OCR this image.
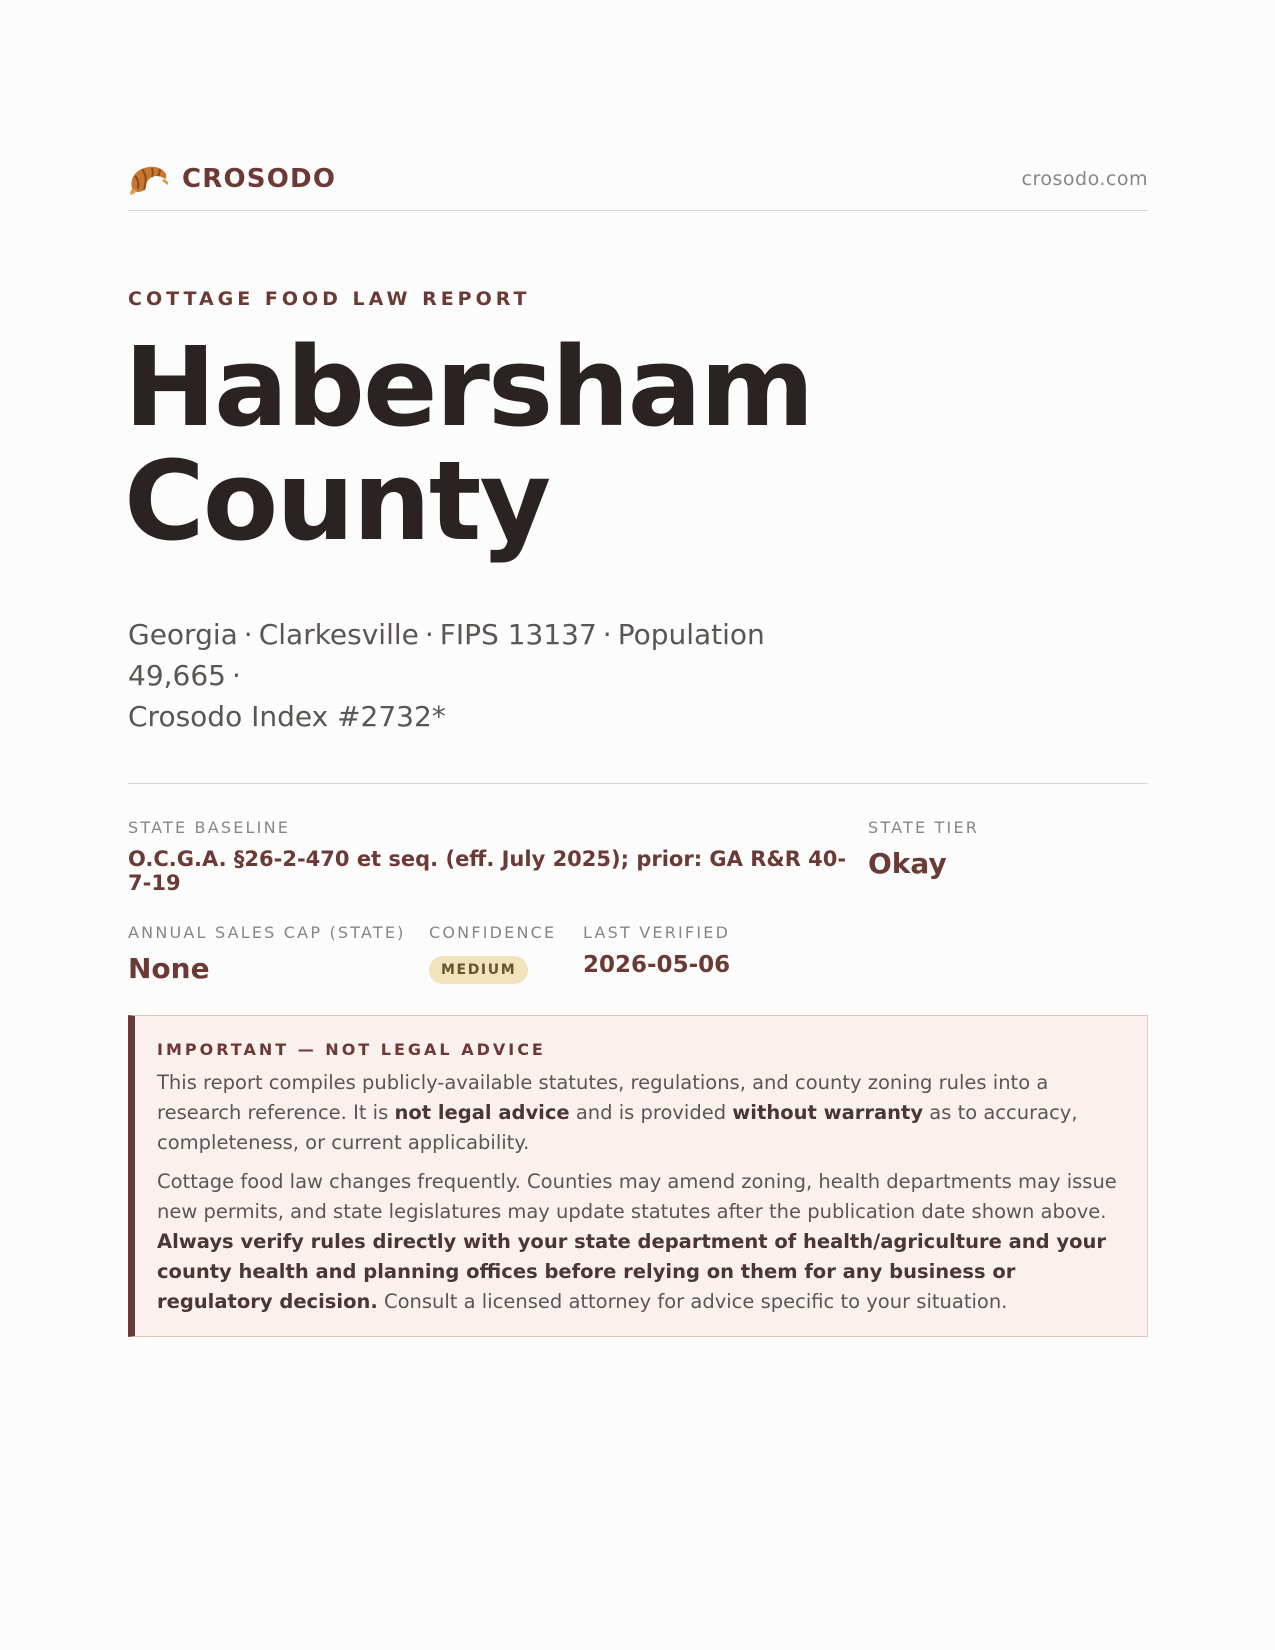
CROSODO	crosodo.com
COTTAGE FOOD LAW REPORT
Habersham
County
Georgia · Clarkesville · FIPS 13137 · Population 49,665 ·
Crosodo Index #2732*
STATE BASELINE
O.C.G.A. §26-2-470 et seq. (eff. July 2025); prior: GA R&R 40-7-19
STATE TIER
Okay
ANNUAL SALES CAP (STATE)
None
CONFIDENCE
MEDIUM
LAST VERIFIED
2026-05-06
IMPORTANT — NOT LEGAL ADVICE

This report compiles publicly-available statutes, regulations, and county zoning rules into a research reference. It is not legal advice and is provided without warranty as to accuracy, completeness, or current applicability.

Cottage food law changes frequently. Counties may amend zoning, health departments may issue new permits, and state legislatures may update statutes after the publication date shown above. Always verify rules directly with your state department of health/agriculture and your county health and planning offices before relying on them for any business or regulatory decision. Consult a licensed attorney for advice specific to your situation.
